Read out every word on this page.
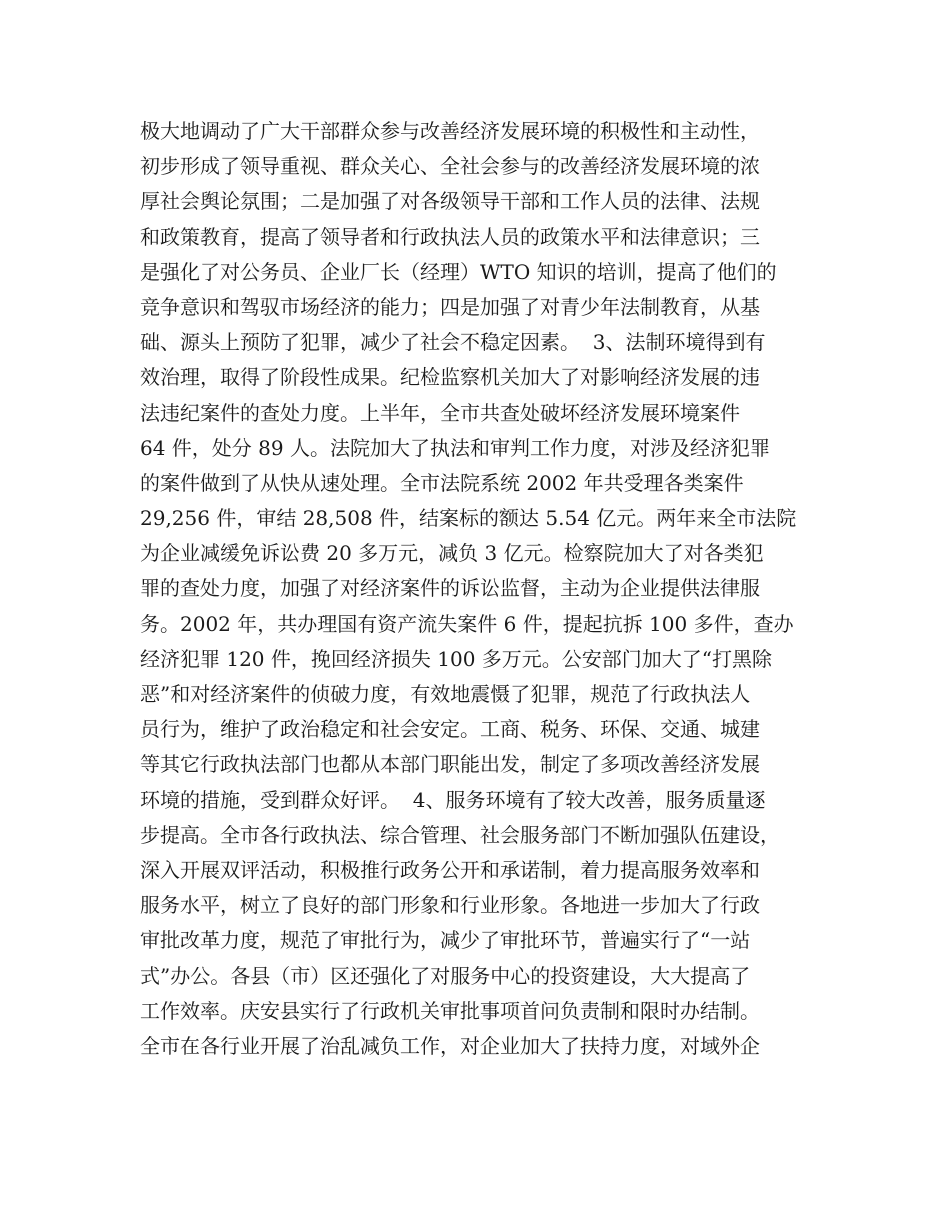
极大地调动了广大干部群众参与改善经济发展环境的积极性和主动性，
初步形成了领导重视、群众关心、全社会参与的改善经济发展环境的浓
厚社会舆论氛围；二是加强了对各级领导干部和工作人员的法律、法规
和政策教育，提高了领导者和行政执法人员的政策水平和法律意识；三
是强化了对公务员、企业厂长（经理）WTO 知识的培训，提高了他们的
竞争意识和驾驭市场经济的能力；四是加强了对青少年法制教育，从基
础、源头上预防了犯罪，减少了社会不稳定因素。  3、法制环境得到有
效治理，取得了阶段性成果。纪检监察机关加大了对影响经济发展的违
法违纪案件的查处力度。上半年，全市共查处破坏经济发展环境案件
64 件，处分 89 人。法院加大了执法和审判工作力度，对涉及经济犯罪
的案件做到了从快从速处理。全市法院系统 2002 年共受理各类案件
29,256 件，审结 28,508 件，结案标的额达 5.54 亿元。两年来全市法院
为企业减缓免诉讼费 20 多万元，减负 3 亿元。检察院加大了对各类犯
罪的查处力度，加强了对经济案件的诉讼监督，主动为企业提供法律服
务。2002 年，共办理国有资产流失案件 6 件，提起抗拆 100 多件，查办
经济犯罪 120 件，挽回经济损失 100 多万元。公安部门加大了“打黑除
恶”和对经济案件的侦破力度，有效地震慑了犯罪，规范了行政执法人
员行为，维护了政治稳定和社会安定。工商、税务、环保、交通、城建
等其它行政执法部门也都从本部门职能出发，制定了多项改善经济发展
环境的措施，受到群众好评。  4、服务环境有了较大改善，服务质量逐
步提高。全市各行政执法、综合管理、社会服务部门不断加强队伍建设，
深入开展双评活动，积极推行政务公开和承诺制，着力提高服务效率和
服务水平，树立了良好的部门形象和行业形象。各地进一步加大了行政
审批改革力度，规范了审批行为，减少了审批环节，普遍实行了“一站
式”办公。各县（市）区还强化了对服务中心的投资建设，大大提高了
工作效率。庆安县实行了行政机关审批事项首问负责制和限时办结制。
全市在各行业开展了治乱减负工作，对企业加大了扶持力度，对域外企
